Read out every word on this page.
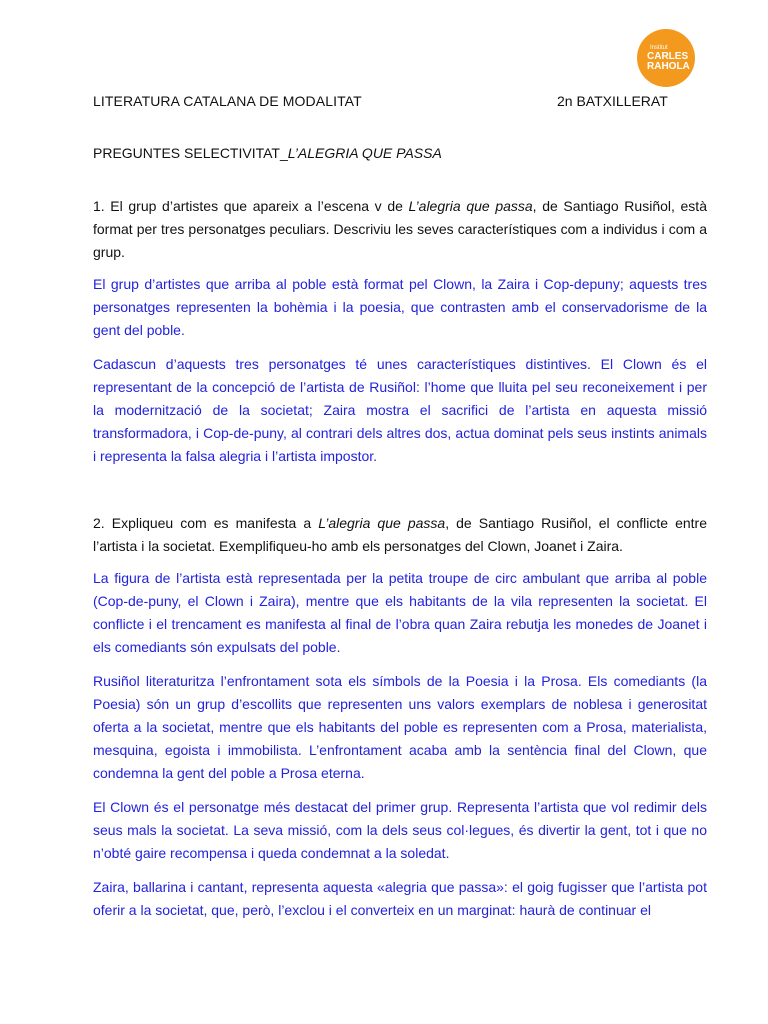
Institut
CARLES
RAHOLA
LITERATURA CATALANA DE MODALITAT	2n BATXILLERAT
PREGUNTES SELECTIVITAT_L’ALEGRIA QUE PASSA

1. El grup d’artistes que apareix a l’escena v de L’alegria que passa, de Santiago Rusiñol, està format per tres personatges peculiars. Descriviu les seves característiques com a individus i com a grup.

El grup d’artistes que arriba al poble està format pel Clown, la Zaira i Cop-depuny; aquests tres personatges representen la bohèmia i la poesia, que contrasten amb el conservadorisme de la gent del poble.

Cadascun d’aquests tres personatges té unes característiques distintives. El Clown és el representant de la concepció de l’artista de Rusiñol: l’home que lluita pel seu reconeixement i per la modernització de la societat; Zaira mostra el sacrifici de l’artista en aquesta missió transformadora, i Cop-de-puny, al contrari dels altres dos, actua dominat pels seus instints animals i representa la falsa alegria i l’artista impostor.

2. Expliqueu com es manifesta a L’alegria que passa, de Santiago Rusiñol, el conflicte entre l’artista i la societat. Exemplifiqueu-ho amb els personatges del Clown, Joanet i Zaira.

La figura de l’artista està representada per la petita troupe de circ ambulant que arriba al poble (Cop-de-puny, el Clown i Zaira), mentre que els habitants de la vila representen la societat. El conflicte i el trencament es manifesta al final de l’obra quan Zaira rebutja les monedes de Joanet i els comediants són expulsats del poble.

Rusiñol literaturitza l’enfrontament sota els símbols de la Poesia i la Prosa. Els comediants (la Poesia) són un grup d’escollits que representen uns valors exemplars de noblesa i generositat oferta a la societat, mentre que els habitants del poble es representen com a Prosa, materialista, mesquina, egoista i immobilista. L’enfrontament acaba amb la sentència final del Clown, que condemna la gent del poble a Prosa eterna.

El Clown és el personatge més destacat del primer grup. Representa l’artista que vol redimir dels seus mals la societat. La seva missió, com la dels seus col·legues, és divertir la gent, tot i que no n’obté gaire recompensa i queda condemnat a la soledat.

Zaira, ballarina i cantant, representa aquesta «alegria que passa»: el goig fugisser que l’artista pot oferir a la societat, que, però, l’exclou i el converteix en un marginat: haurà de continuar el
